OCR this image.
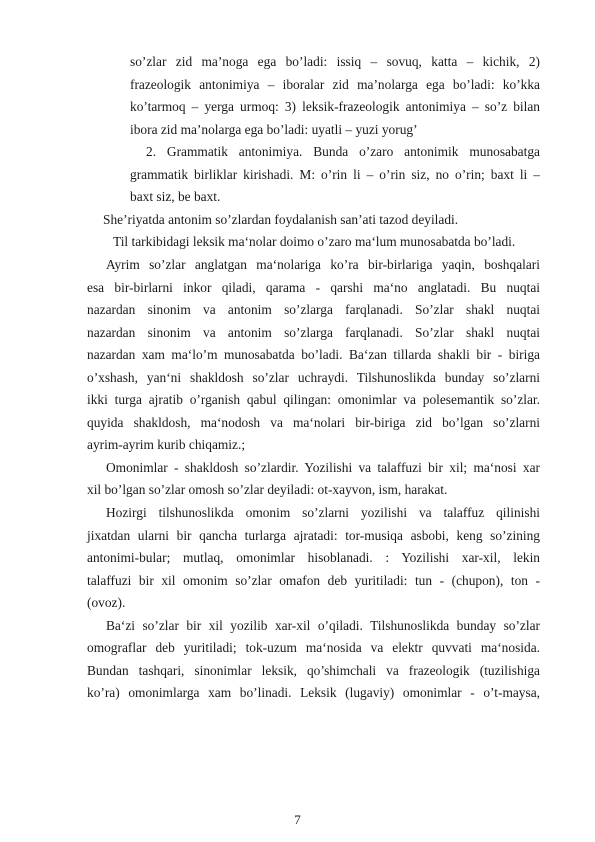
so’zlar zid ma’noga ega bo’ladi: issiq – sovuq, katta – kichik, 2)
frazeologik antonimiya – iboralar zid ma’nolarga ega bo’ladi: ko’kka
ko’tarmoq – yerga urmoq: 3) leksik-frazeologik antonimiya – so’z bilan
ibora zid ma’nolarga ega bo’ladi: uyatli – yuzi yorug’
2. Grammatik antonimiya. Bunda o’zaro antonimik munosabatga
grammatik birliklar kirishadi. M: o’rin li – o’rin siz, no o’rin; baxt li –
baxt siz, be baxt.
She’riyatda antonim so’zlardan foydalanish san’ati tazod deyiladi.
Til tarkibidagi leksik ma‘nolar doimo o’zaro ma‘lum munosabatda bo’ladi.
Ayrim so’zlar anglatgan ma‘nolariga ko’ra bir-birlariga yaqin, boshqalari
esa bir-birlarni inkor qiladi, qarama - qarshi ma‘no anglatadi. Bu nuqtai
nazardan sinonim va antonim so’zlarga farqlanadi. So’zlar shakl nuqtai
nazardan sinonim va antonim so’zlarga farqlanadi. So’zlar shakl nuqtai
nazardan xam ma‘lo’m munosabatda bo’ladi. Ba‘zan tillarda shakli bir - biriga
o’xshash, yan‘ni shakldosh so’zlar uchraydi. Tilshunoslikda bunday so’zlarni
ikki turga ajratib o’rganish qabul qilingan: omonimlar va polesemantik so’zlar.
quyida shakldosh, ma‘nodosh va ma‘nolari bir-biriga zid bo’lgan so’zlarni
ayrim-ayrim kurib chiqamiz.;
Omonimlar - shakldosh so’zlardir. Yozilishi va talaffuzi bir xil; ma‘nosi xar
xil bo’lgan so’zlar omosh so’zlar deyiladi: ot-xayvon, ism, harakat.
Hozirgi tilshunoslikda omonim so’zlarni yozilishi va talaffuz qilinishi
jixatdan ularni bir qancha turlarga ajratadi: tor-musiqa asbobi, keng so’zining
antonimi-bular; mutlaq, omonimlar hisoblanadi. : Yozilishi xar-xil, lekin
talaffuzi bir xil omonim so’zlar omafon deb yuritiladi: tun - (chupon), ton -
(ovoz).
Ba‘zi so’zlar bir xil yozilib xar-xil o’qiladi. Tilshunoslikda bunday so’zlar
omograflar deb yuritiladi; tok-uzum ma‘nosida va elektr quvvati ma‘nosida.
Bundan tashqari, sinonimlar leksik, qo’shimchali va frazeologik (tuzilishiga
ko’ra) omonimlarga xam bo’linadi. Leksik (lugaviy) omonimlar - o’t-maysa,
7
